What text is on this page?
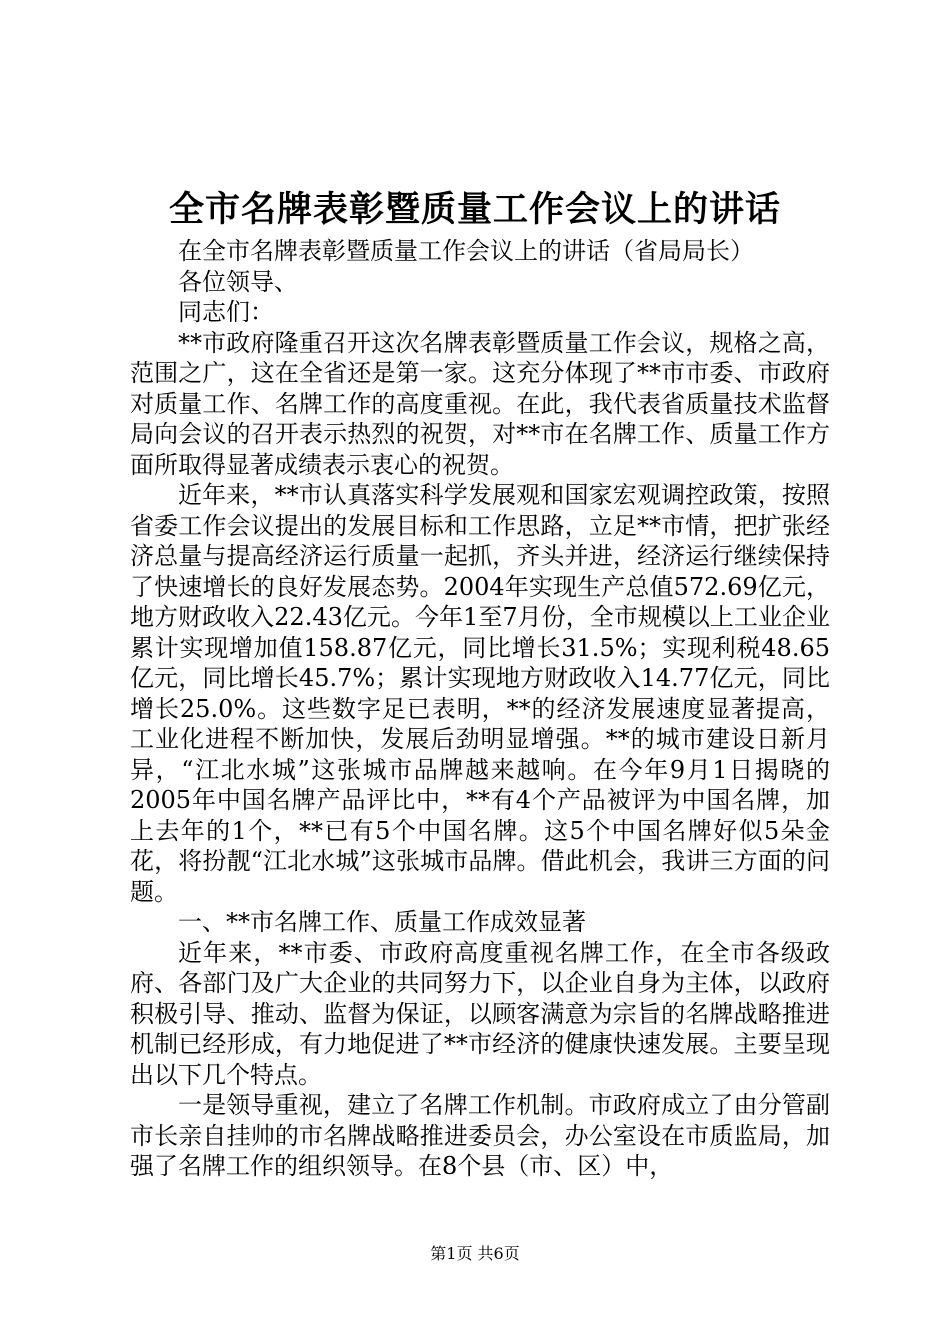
全市名牌表彰暨质量工作会议上的讲话

在全市名牌表彰暨质量工作会议上的讲话（省局局长）

各位领导、

同志们：

**市政府隆重召开这次名牌表彰暨质量工作会议，规格之高，范围之广，这在全省还是第一家。这充分体现了**市市委、市政府对质量工作、名牌工作的高度重视。在此，我代表省质量技术监督局向会议的召开表示热烈的祝贺，对**市在名牌工作、质量工作方面所取得显著成绩表示衷心的祝贺。

近年来，**市认真落实科学发展观和国家宏观调控政策，按照省委工作会议提出的发展目标和工作思路，立足**市情，把扩张经济总量与提高经济运行质量一起抓，齐头并进，经济运行继续保持了快速增长的良好发展态势。2004年实现生产总值572.69亿元，地方财政收入22.43亿元。今年1至7月份，全市规模以上工业企业累计实现增加值158.87亿元，同比增长31.5%；实现利税48.65亿元，同比增长45.7%；累计实现地方财政收入14.77亿元，同比增长25.0%。这些数字足已表明，**的经济发展速度显著提高，工业化进程不断加快，发展后劲明显增强。**的城市建设日新月异，“江北水城”这张城市品牌越来越响。在今年9月1日揭晓的2005年中国名牌产品评比中，**有4个产品被评为中国名牌，加上去年的1个，**已有5个中国名牌。这5个中国名牌好似5朵金花，将扮靓“江北水城”这张城市品牌。借此机会，我讲三方面的问题。

一、**市名牌工作、质量工作成效显著

近年来，**市委、市政府高度重视名牌工作，在全市各级政府、各部门及广大企业的共同努力下，以企业自身为主体，以政府积极引导、推动、监督为保证，以顾客满意为宗旨的名牌战略推进机制已经形成，有力地促进了**市经济的健康快速发展。主要呈现出以下几个特点。

一是领导重视，建立了名牌工作机制。市政府成立了由分管副市长亲自挂帅的市名牌战略推进委员会，办公室设在市质监局，加强了名牌工作的组织领导。在8个县（市、区）中，

第1页 共6页
